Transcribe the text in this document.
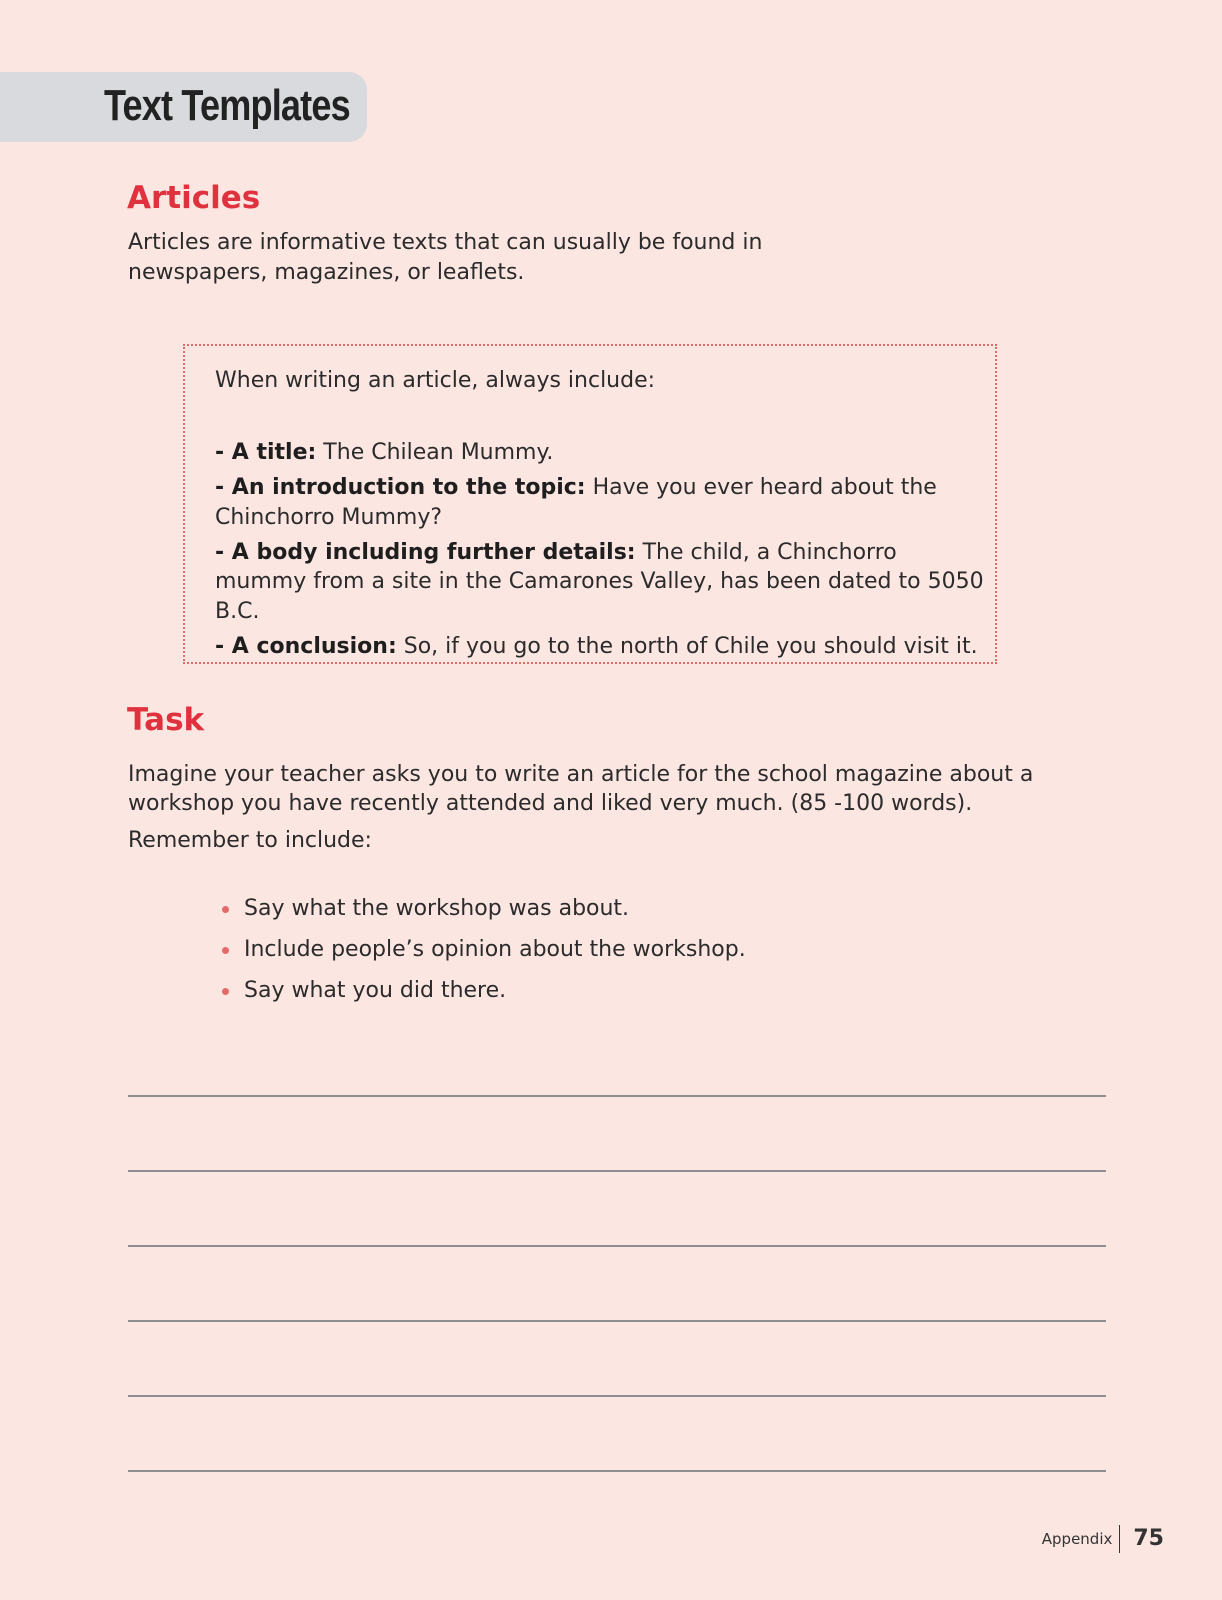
Text Templates
Articles

Articles are informative texts that can usually be found in
newspapers, magazines, or leaflets.

When writing an article, always include:

- A title: The Chilean Mummy.
- An introduction to the topic: Have you ever heard about the Chinchorro Mummy?
- A body including further details: The child, a Chinchorro mummy from a site in the Camarones Valley, has been dated to 5050 B.C.
- A conclusion: So, if you go to the north of Chile you should visit it.
Task

Imagine your teacher asks you to write an article for the school magazine about a workshop you have recently attended and liked very much. (85 -100 words).

Remember to include:

Say what the workshop was about.
Include people’s opinion about the workshop.
Say what you did there.
Appendix 75
